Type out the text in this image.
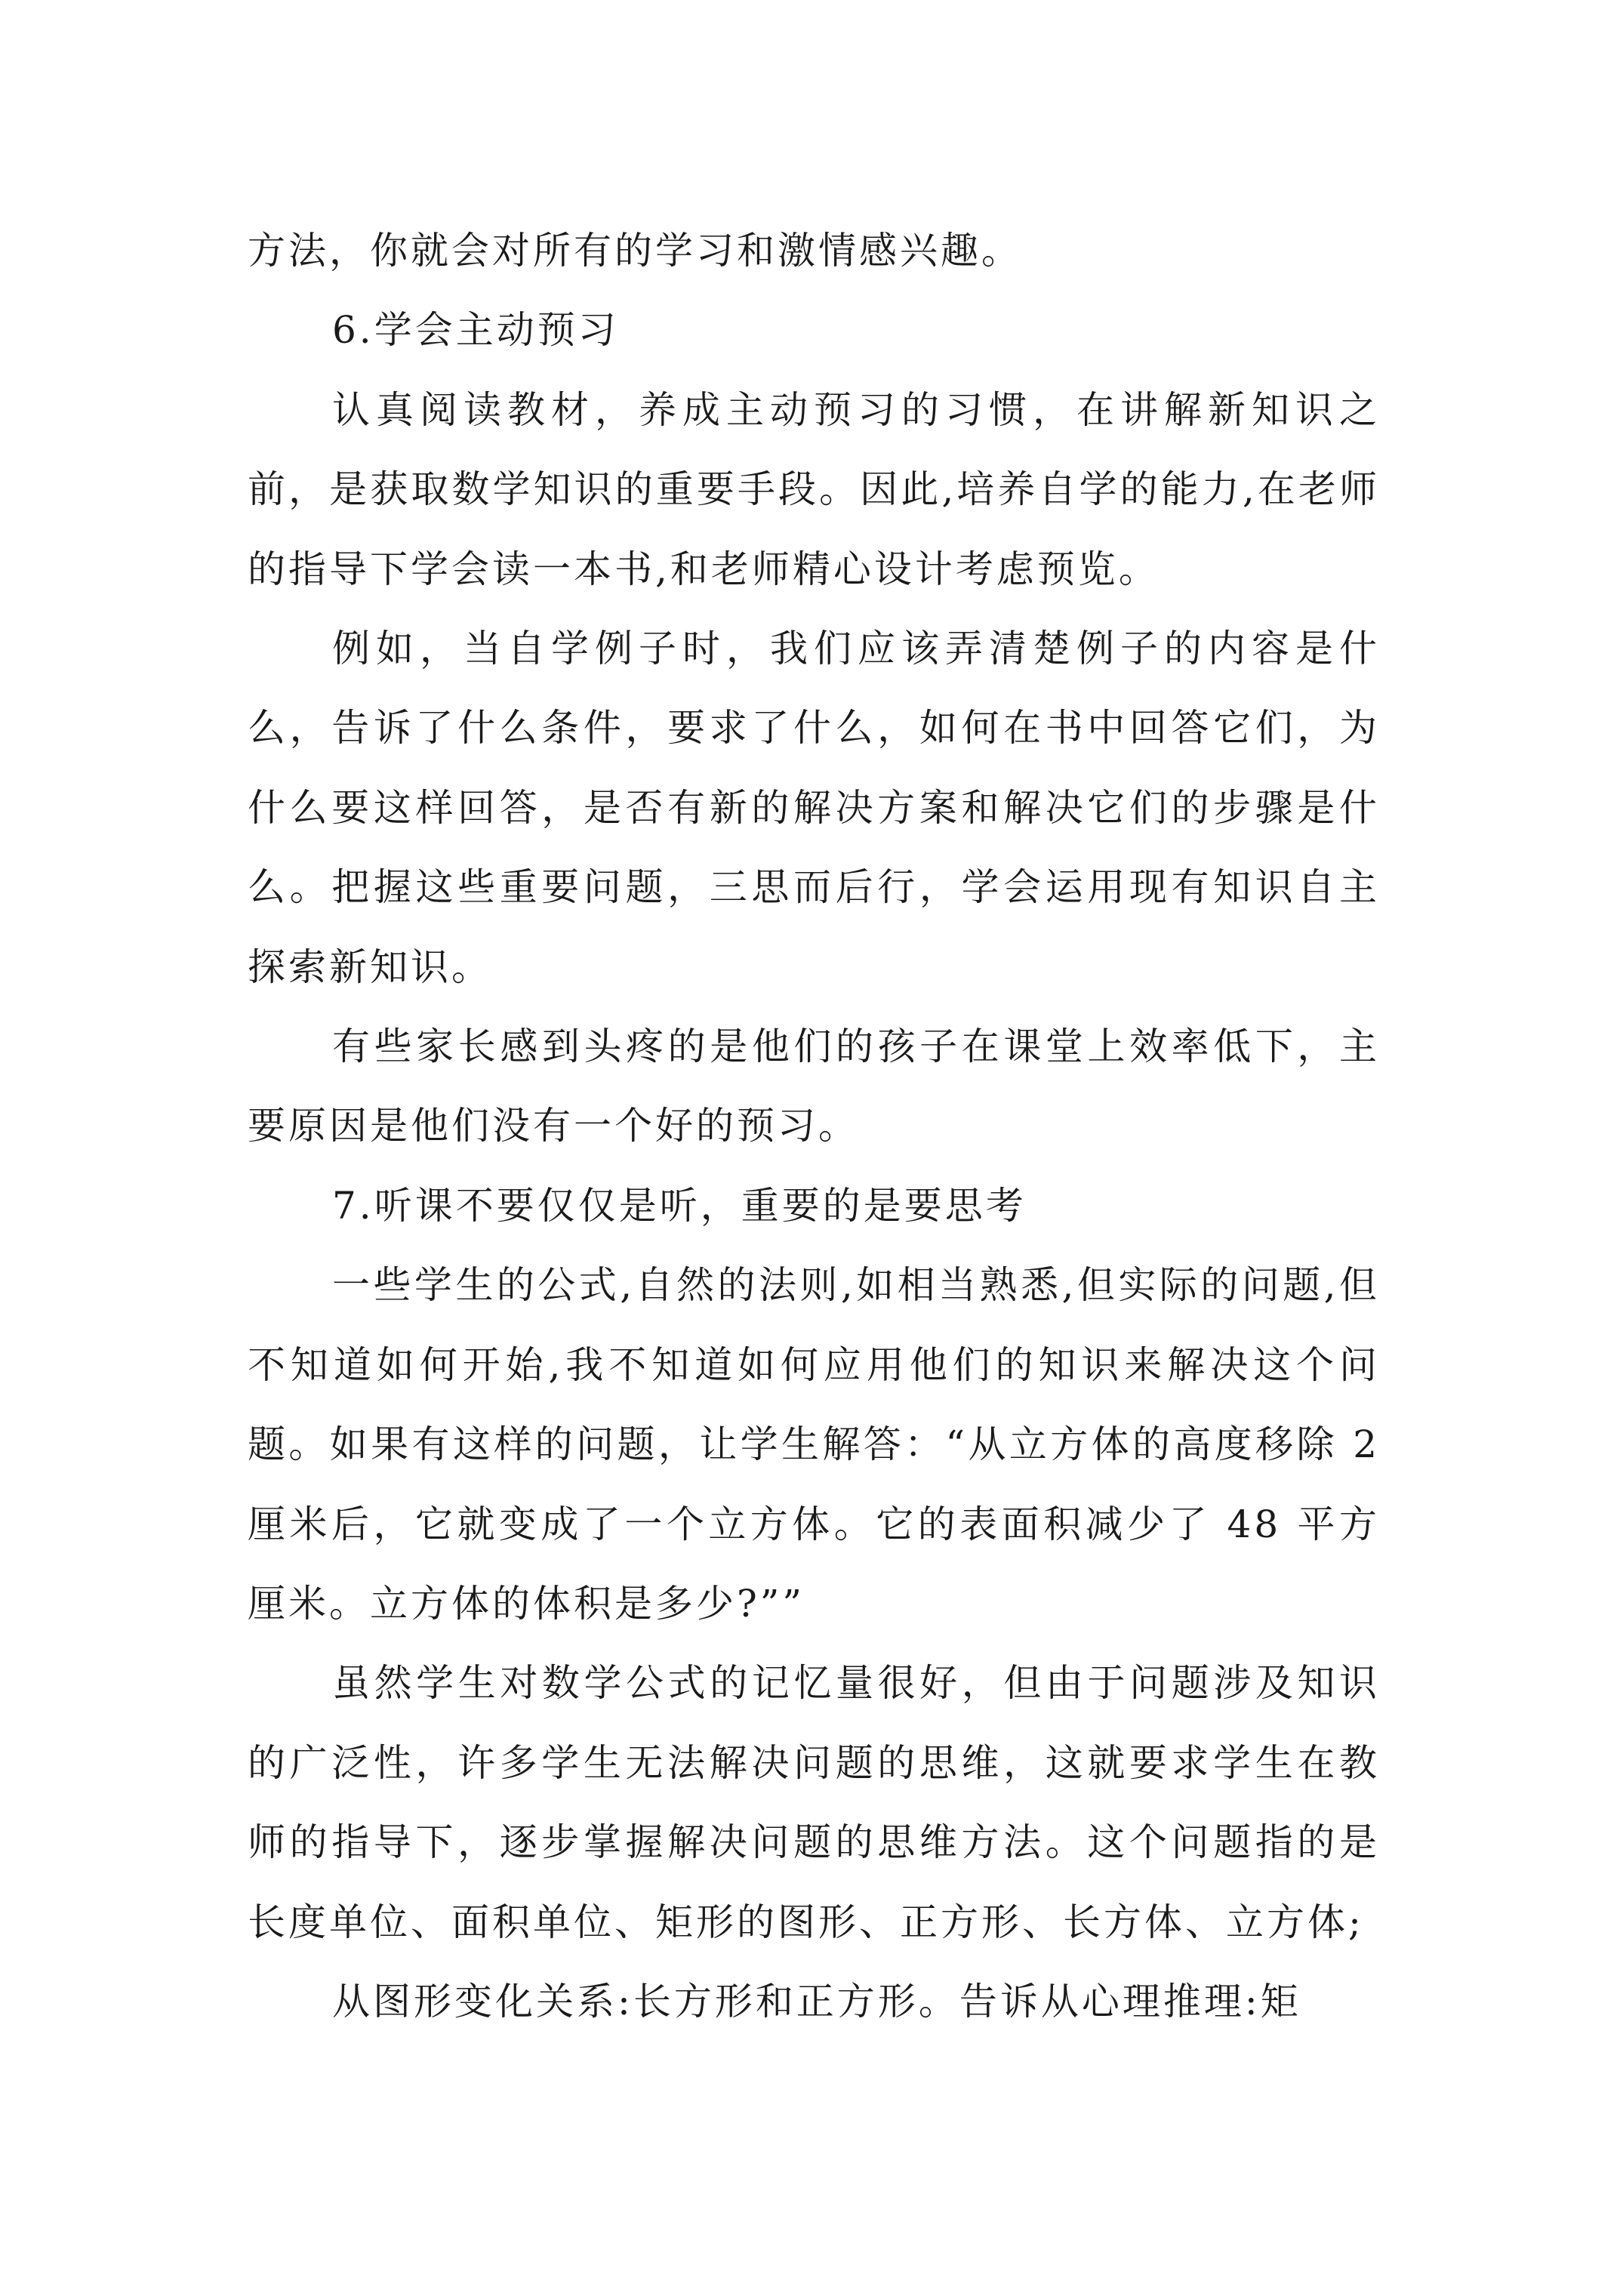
方法，你就会对所有的学习和激情感兴趣。

6.学会主动预习

认真阅读教材，养成主动预习的习惯，在讲解新知识之前，是获取数学知识的重要手段。因此,培养自学的能力,在老师的指导下学会读一本书,和老师精心设计考虑预览。

例如，当自学例子时，我们应该弄清楚例子的内容是什么，告诉了什么条件，要求了什么，如何在书中回答它们，为什么要这样回答，是否有新的解决方案和解决它们的步骤是什么。把握这些重要问题，三思而后行，学会运用现有知识自主探索新知识。

有些家长感到头疼的是他们的孩子在课堂上效率低下，主要原因是他们没有一个好的预习。

7.听课不要仅仅是听，重要的是要思考

一些学生的公式,自然的法则,如相当熟悉,但实际的问题,但不知道如何开始,我不知道如何应用他们的知识来解决这个问题。如果有这样的问题，让学生解答：“从立方体的高度移除 2 厘米后，它就变成了一个立方体。它的表面积减少了 48 平方厘米。立方体的体积是多少?””

虽然学生对数学公式的记忆量很好，但由于问题涉及知识的广泛性，许多学生无法解决问题的思维，这就要求学生在教师的指导下，逐步掌握解决问题的思维方法。这个问题指的是长度单位、面积单位、矩形的图形、正方形、长方体、立方体;

从图形变化关系:长方形和正方形。告诉从心理推理:矩
